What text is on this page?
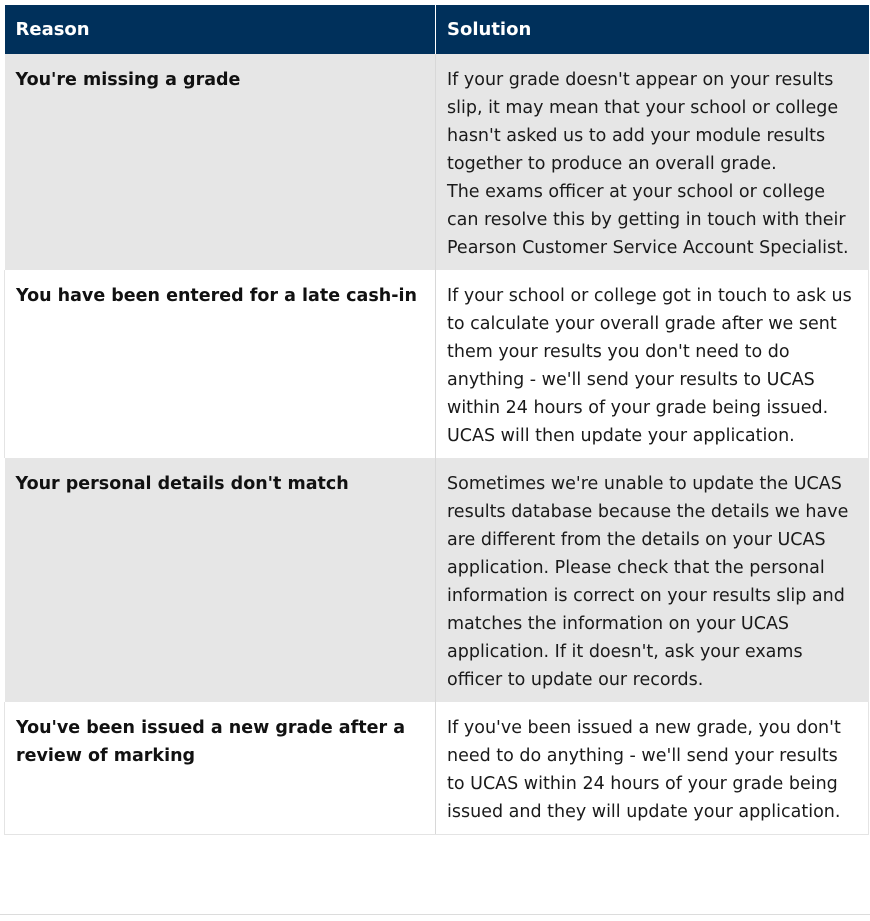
Reason	Solution
You're missing a grade	If your grade doesn't appear on your results slip, it may mean that your school or college hasn't asked us to add your module results together to produce an overall grade.
The exams officer at your school or college can resolve this by getting in touch with their Pearson Customer Service Account Specialist.

You have been entered for a late cash-in	If your school or college got in touch to ask us to calculate your overall grade after we sent them your results you don't need to do anything - we'll send your results to UCAS within 24 hours of your grade being issued. UCAS will then update your application.

Your personal details don't match	Sometimes we're unable to update the UCAS results database because the details we have are different from the details on your UCAS application. Please check that the personal information is correct on your results slip and matches the information on your UCAS application. If it doesn't, ask your exams officer to update our records.

You've been issued a new grade after a review of marking	If you've been issued a new grade, you don't need to do anything - we'll send your results to UCAS within 24 hours of your grade being issued and they will update your application.
